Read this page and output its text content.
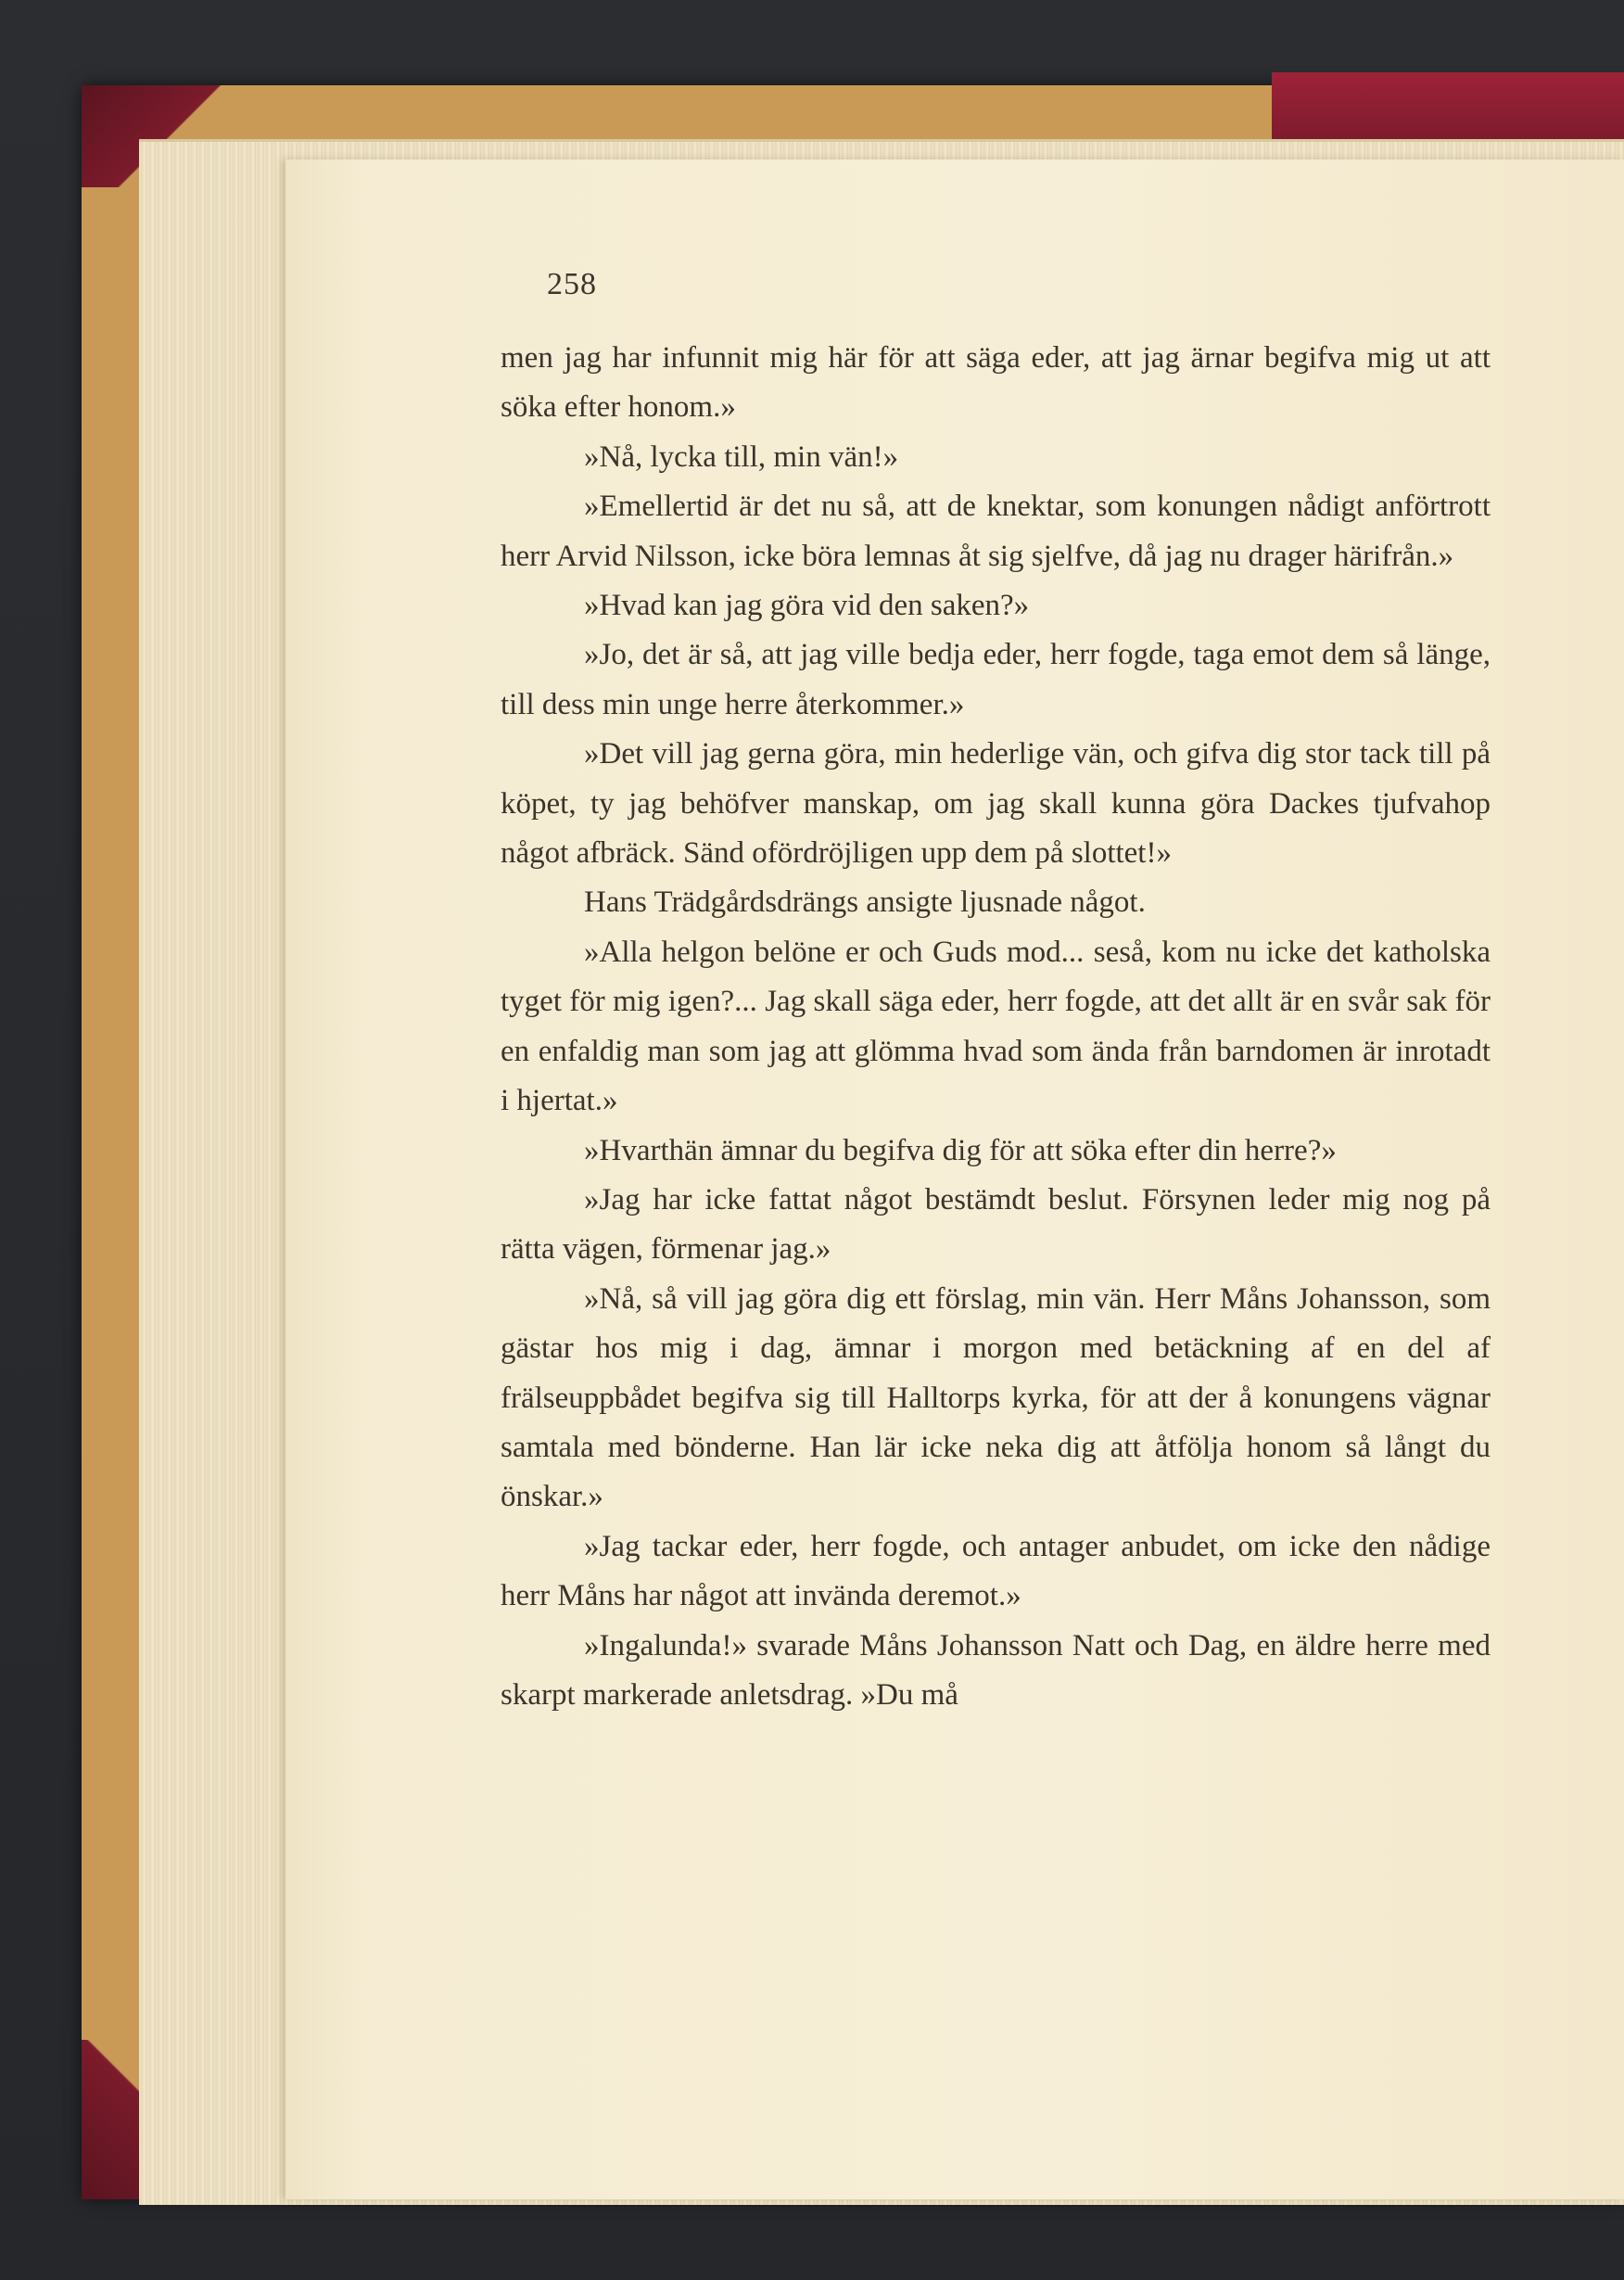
258

men jag har infunnit mig här för att säga eder, att jag ärnar begifva mig ut att söka efter honom.»

»Nå, lycka till, min vän!»

»Emellertid är det nu så, att de knektar, som konungen nådigt anförtrott herr Arvid Nilsson, icke böra lemnas åt sig sjelfve, då jag nu drager härifrån.»

»Hvad kan jag göra vid den saken?»

»Jo, det är så, att jag ville bedja eder, herr fogde, taga emot dem så länge, till dess min unge herre återkommer.»

»Det vill jag gerna göra, min hederlige vän, och gifva dig stor tack till på köpet, ty jag behöfver manskap, om jag skall kunna göra Dackes tjufvahop något afbräck. Sänd ofördröjligen upp dem på slottet!»

Hans Trädgårdsdrängs ansigte ljusnade något.

»Alla helgon belöne er och Guds mod... seså, kom nu icke det katholska tyget för mig igen?... Jag skall säga eder, herr fogde, att det allt är en svår sak för en enfaldig man som jag att glömma hvad som ända från barndomen är inrotadt i hjertat.»

»Hvarthän ämnar du begifva dig för att söka efter din herre?»

»Jag har icke fattat något bestämdt beslut. Försynen leder mig nog på rätta vägen, förmenar jag.»

»Nå, så vill jag göra dig ett förslag, min vän. Herr Måns Johansson, som gästar hos mig i dag, ämnar i morgon med betäckning af en del af frälseuppbådet begifva sig till Halltorps kyrka, för att der å konungens vägnar samtala med bönderne. Han lär icke neka dig att åtfölja honom så långt du önskar.»

»Jag tackar eder, herr fogde, och antager anbudet, om icke den nådige herr Måns har något att invända deremot.»

»Ingalunda!» svarade Måns Johansson Natt och Dag, en äldre herre med skarpt markerade anletsdrag. »Du må
